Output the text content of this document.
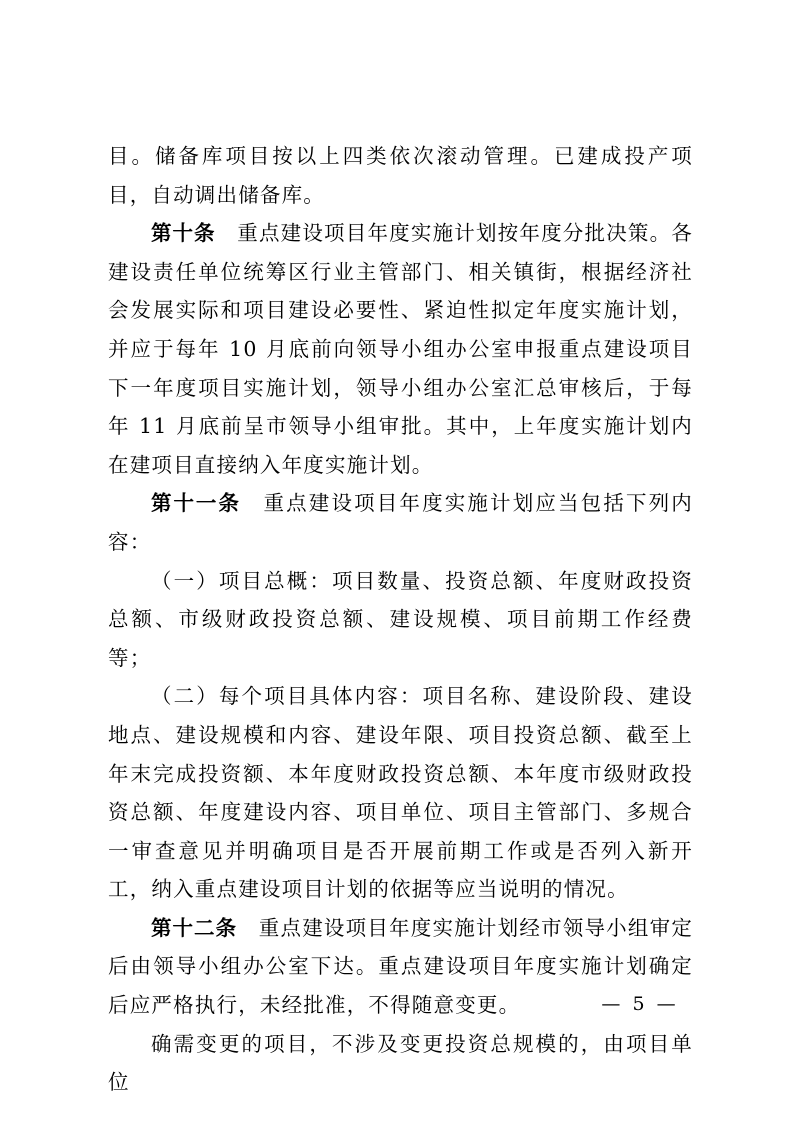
目。储备库项目按以上四类依次滚动管理。已建成投产项目，自动调出储备库。

第十条　 重点建设项目年度实施计划按年度分批决策。各建设责任单位统筹区行业主管部门、相关镇街，根据经济社会发展实际和项目建设必要性、紧迫性拟定年度实施计划，并应于每年 10 月底前向领导小组办公室申报重点建设项目下一年度项目实施计划，领导小组办公室汇总审核后，于每年 11 月底前呈市领导小组审批。其中，上年度实施计划内在建项目直接纳入年度实施计划。

第十一条　 重点建设项目年度实施计划应当包括下列内容：

（一）项目总概：项目数量、投资总额、年度财政投资总额、市级财政投资总额、建设规模、项目前期工作经费等；

（二）每个项目具体内容：项目名称、建设阶段、建设地点、建设规模和内容、建设年限、项目投资总额、截至上年末完成投资额、本年度财政投资总额、本年度市级财政投资总额、年度建设内容、项目单位、项目主管部门、多规合一审查意见并明确项目是否开展前期工作或是否列入新开工，纳入重点建设项目计划的依据等应当说明的情况。

第十二条　 重点建设项目年度实施计划经市领导小组审定后由领导小组办公室下达。重点建设项目年度实施计划确定后应严格执行，未经批准，不得随意变更。

确需变更的项目，不涉及变更投资总规模的，由项目单位

— 5 —
